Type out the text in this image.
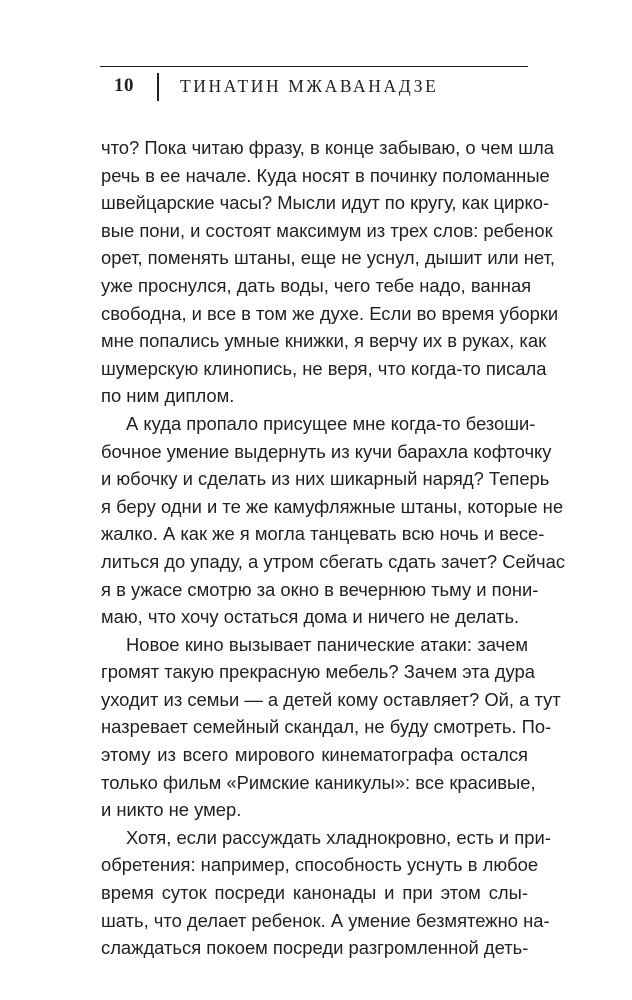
10	ТИНАТИН МЖАВАНАДЗЕ
что? Пока читаю фразу, в конце забываю, о чем шла
речь в ее начале. Куда носят в починку поломанные
швейцарские часы? Мысли идут по кругу, как цирко-
вые пони, и состоят максимум из трех слов: ребенок
орет, поменять штаны, еще не уснул, дышит или нет,
уже проснулся, дать воды, чего тебе надо, ванная
свободна, и все в том же духе. Если во время уборки
мне попались умные книжки, я верчу их в руках, как
шумерскую клинопись, не веря, что когда-то писала
по ним диплом.
А куда пропало присущее мне когда-то безоши-
бочное умение выдернуть из кучи барахла кофточку
и юбочку и сделать из них шикарный наряд? Теперь
я беру одни и те же камуфляжные штаны, которые не
жалко. А как же я могла танцевать всю ночь и весе-
литься до упаду, а утром сбегать сдать зачет? Сейчас
я в ужасе смотрю за окно в вечернюю тьму и пони-
маю, что хочу остаться дома и ничего не делать.
Новое кино вызывает панические атаки: зачем
громят такую прекрасную мебель? Зачем эта дура
уходит из семьи — а детей кому оставляет? Ой, а тут
назревает семейный скандал, не буду смотреть. По-
этому из всего мирового кинематографа остался
только фильм «Римские каникулы»: все красивые,
и никто не умер.
Хотя, если рассуждать хладнокровно, есть и при-
обретения: например, способность уснуть в любое
время суток посреди канонады и при этом слы-
шать, что делает ребенок. А умение безмятежно на-
слаждаться покоем посреди разгромленной деть-
